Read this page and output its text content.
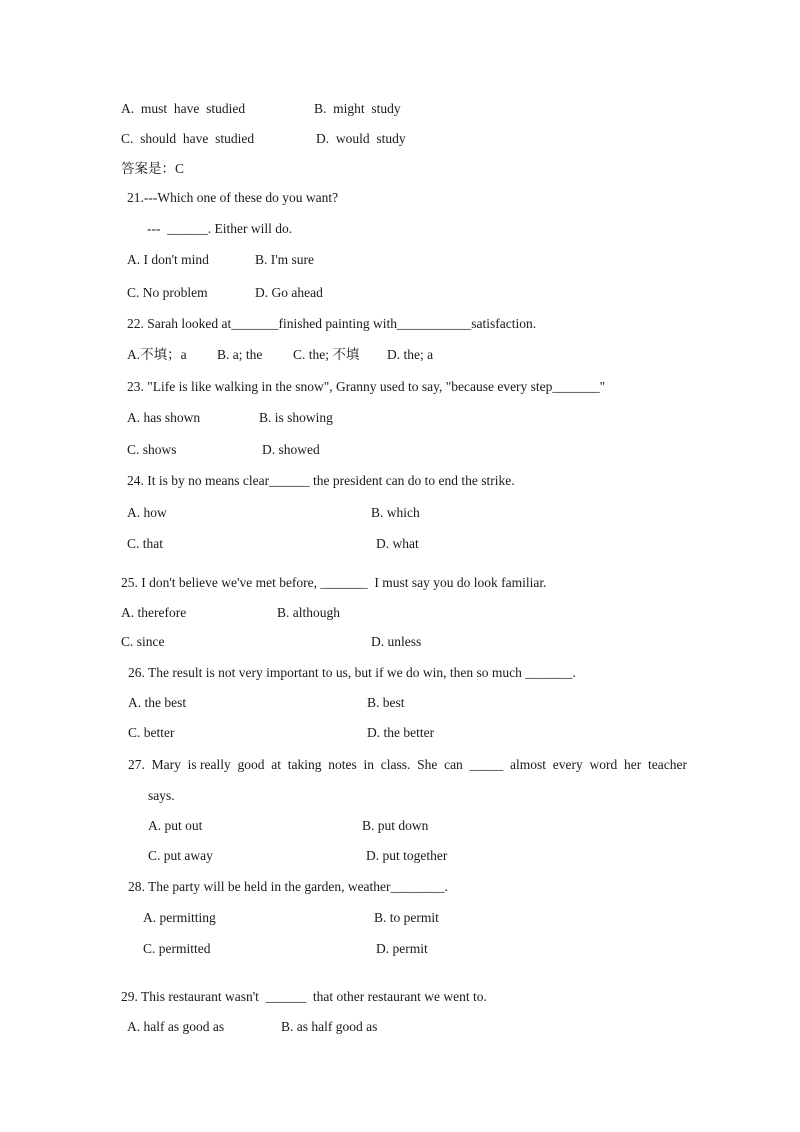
A.  must  have  studied	B.  might  study
C.  should  have  studied	D.  would  study
答案是：C
21.---Which one of these do you want?
---  ______. Either will do.
A. I don't mind	B. I'm sure
C. No problem	D. Go ahead
22. Sarah looked at_______finished painting with___________satisfaction.
A.不填；a B. a; the C. the; 不填 D. the; a
23. "Life is like walking in the snow", Granny used to say, "because every step_______"
A. has shown	B. is showing
C. shows	D. showed
24. It is by no means clear______ the president can do to end the strike.
A. how	B. which
C. that	D. what
25. I don't believe we've met before, _______  I must say you do look familiar.
A. therefore	B. although
C. since	D. unless
26. The result is not very important to us, but if we do win, then so much _______.
A. the best	B. best
C. better	D. the better
27.  Mary  is really  good  at  taking  notes  in  class.  She  can  _____  almost  every  word  her  teacher
says.
A. put out	B. put down
C. put away	D. put together
28. The party will be held in the garden, weather________.
A. permitting	B. to permit
C. permitted	D. permit
29. This restaurant wasn't  ______  that other restaurant we went to.
A. half as good as	B. as half good as
